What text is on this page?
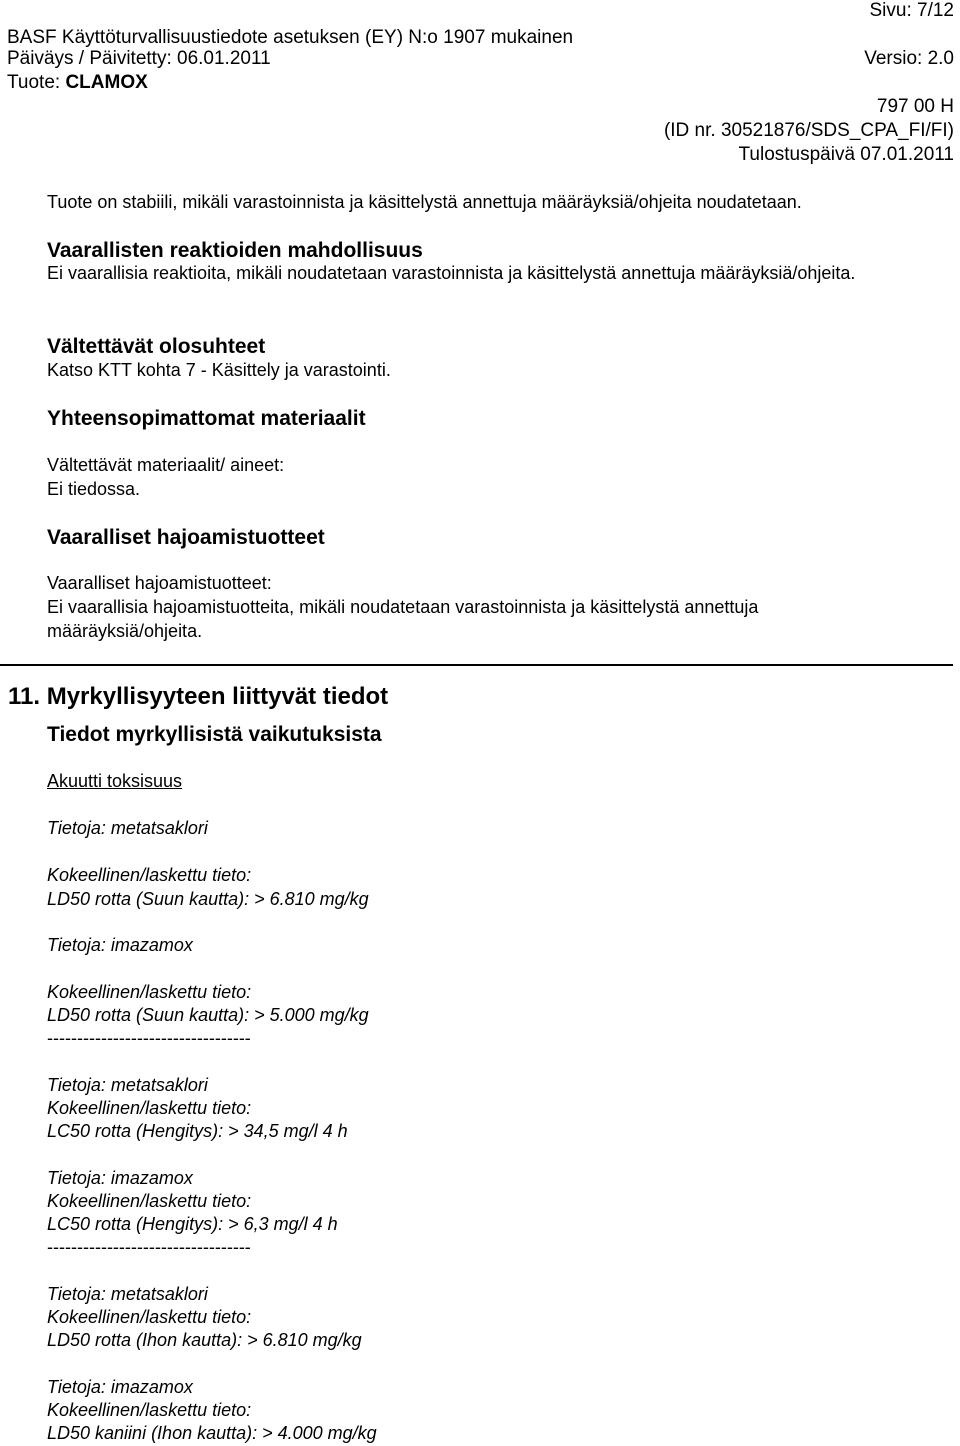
Sivu: 7/12
BASF Käyttöturvallisuustiedote asetuksen (EY) N:o 1907 mukainen
Päiväys / Päivitetty: 06.01.2011	Versio: 2.0
Tuote: CLAMOX
797 00 H
(ID nr. 30521876/SDS_CPA_FI/FI)
Tulostuspäivä 07.01.2011
Tuote on stabiili, mikäli varastoinnista ja käsittelystä annettuja määräyksiä/ohjeita noudatetaan.
Vaarallisten reaktioiden mahdollisuus
Ei vaarallisia reaktioita, mikäli noudatetaan varastoinnista ja käsittelystä annettuja määräyksiä/ohjeita.
Vältettävät olosuhteet
Katso KTT kohta 7 - Käsittely ja varastointi.
Yhteensopimattomat materiaalit
Vältettävät materiaalit/ aineet:
Ei tiedossa.
Vaaralliset hajoamistuotteet
Vaaralliset hajoamistuotteet:
Ei vaarallisia hajoamistuotteita, mikäli noudatetaan varastoinnista ja käsittelystä annettuja
määräyksiä/ohjeita.
11. Myrkyllisyyteen liittyvät tiedot
Tiedot myrkyllisistä vaikutuksista
Akuutti toksisuus
Tietoja: metatsaklori
Kokeellinen/laskettu tieto:
LD50 rotta (Suun kautta): > 6.810 mg/kg
Tietoja: imazamox
Kokeellinen/laskettu tieto:
LD50 rotta (Suun kautta): > 5.000 mg/kg
----------------------------------
Tietoja: metatsaklori
Kokeellinen/laskettu tieto:
LC50 rotta (Hengitys): > 34,5 mg/l 4 h
Tietoja: imazamox
Kokeellinen/laskettu tieto:
LC50 rotta (Hengitys): > 6,3 mg/l 4 h
----------------------------------
Tietoja: metatsaklori
Kokeellinen/laskettu tieto:
LD50 rotta (Ihon kautta): > 6.810 mg/kg
Tietoja: imazamox
Kokeellinen/laskettu tieto:
LD50 kaniini (Ihon kautta): > 4.000 mg/kg
